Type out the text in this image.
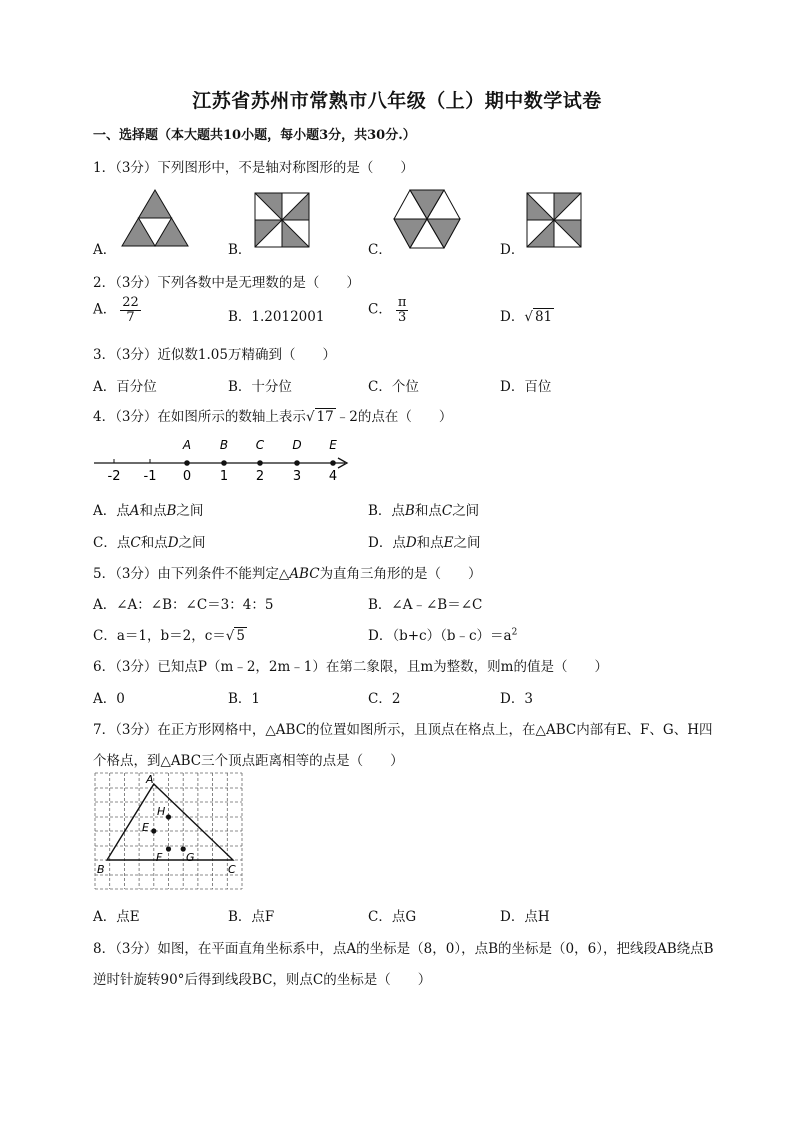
江苏省苏州市常熟市八年级（上）期中数学试卷
一、选择题（本大题共10小题，每小题3分，共30分.）
1．（3分）下列图形中，不是轴对称图形的是（　　）
A．	B．	C．	D．
2．（3分）下列各数中是无理数的是（　　）
A． $\frac{22}{7}$	B．1.2012001	C． $\frac{\pi}{3}$	D．√ 81
3．（3分）近似数1.05万精确到（　　）
A．百分位	B．十分位	C．个位	D．百位
4．（3分）在如图所示的数轴上表示√ 17 ﹣2的点在（　　）
-2 -1 0 1 2 3 4
A B C D E
A．点A和点B之间	B．点B和点C之间
C．点C和点D之间	D．点D和点E之间
5．（3分）由下列条件不能判定△ABC为直角三角形的是（　　）
A．∠A：∠B：∠C＝3：4：5	B．∠A﹣∠B＝∠C
C．a＝1，b＝2，c＝√ 5	D．$(b+c)(b﹣c)=a^2$
6．（3分）已知点P（m﹣2，2m﹣1）在第二象限，且m为整数，则m的值是（　　）
A．0	B．1	C．2	D．3
7．（3分）在正方形网格中，△ABC的位置如图所示，且顶点在格点上，在△ABC内部有E、F、G、H四
个格点，到△ABC三个顶点距离相等的点是（　　）
A
B	C
E
F G
H
A．点E	B．点F	C．点G	D．点H
8．（3分）如图，在平面直角坐标系中，点A的坐标是（8，0），点B的坐标是（0，6），把线段AB绕点B
逆时针旋转90°后得到线段BC，则点C的坐标是（　　）
